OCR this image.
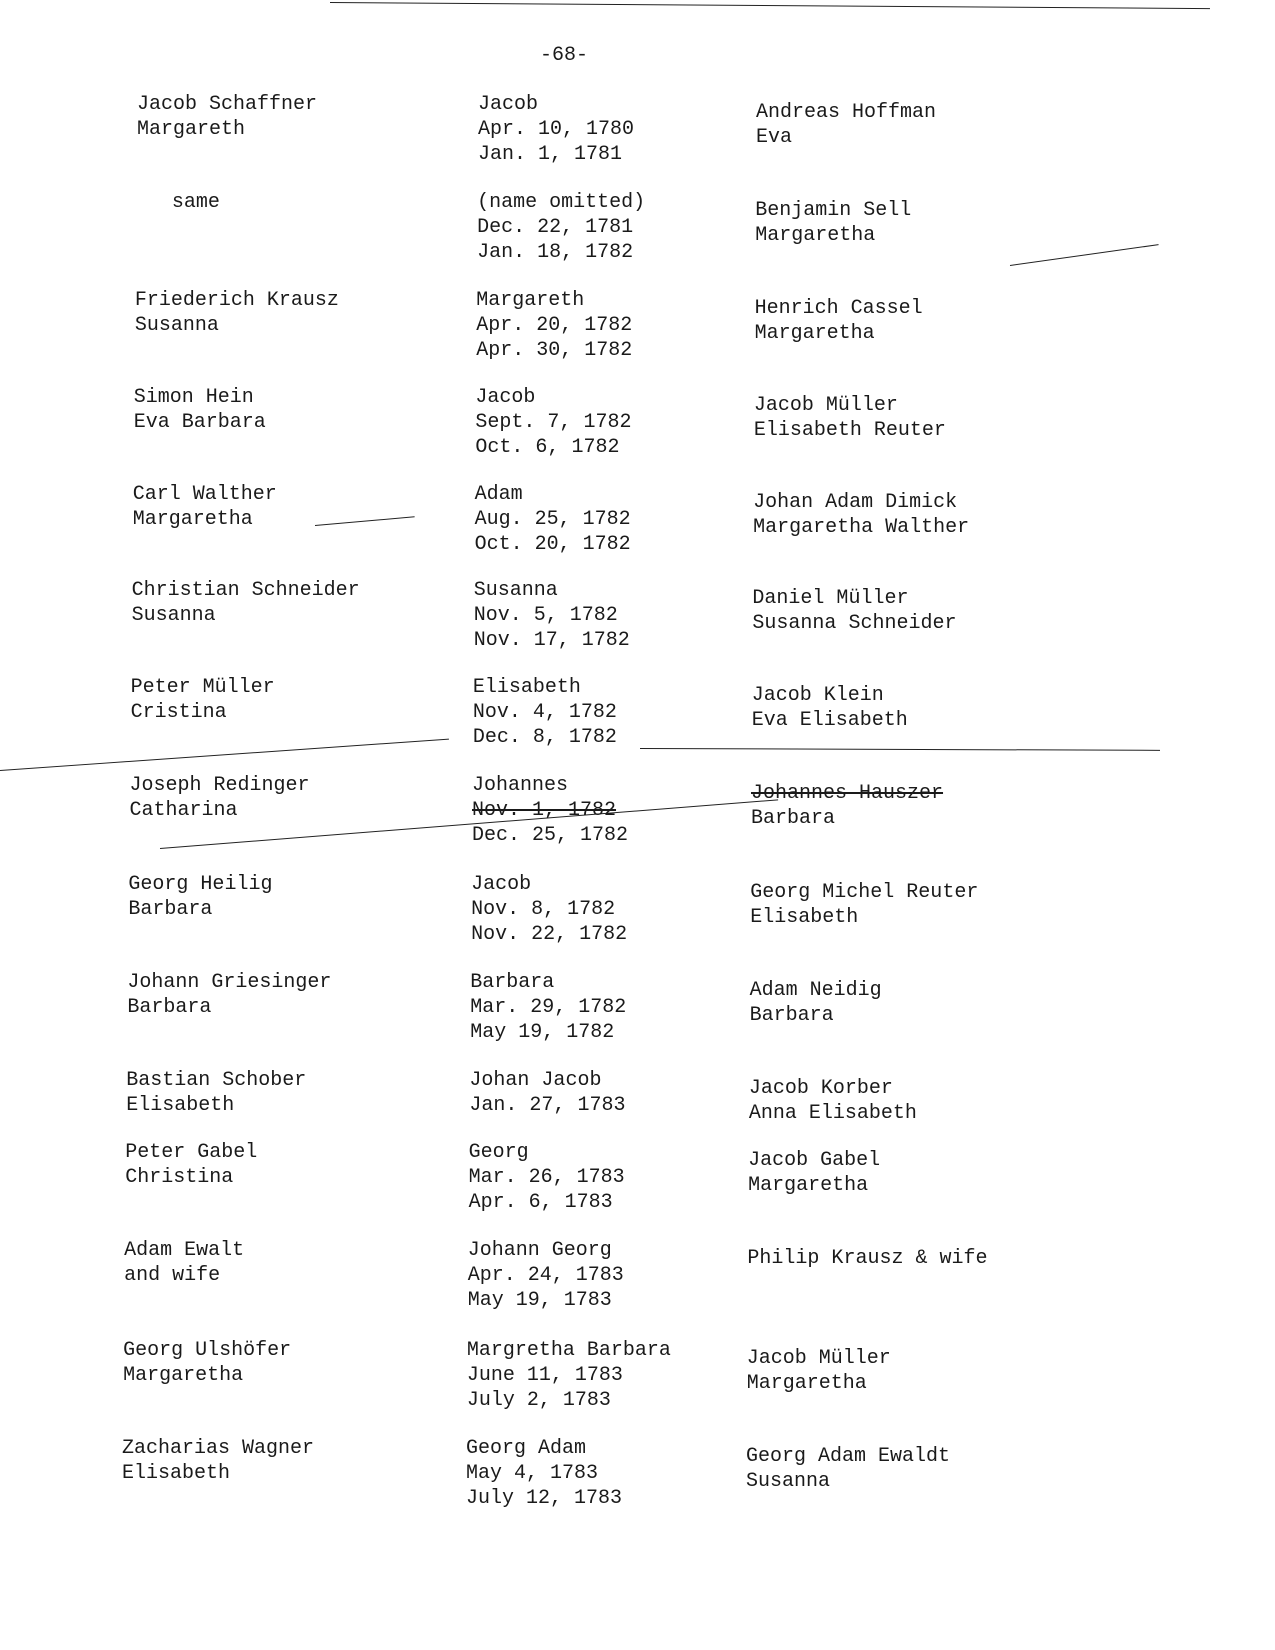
-68-
Jacob Schaffner
Margareth
Jacob
Apr. 10, 1780
Jan. 1, 1781
Andreas Hoffman
Eva
same	(name omitted)
Dec. 22, 1781
Jan. 18, 1782
Benjamin Sell
Margaretha
Friederich Krausz
Susanna
Margareth
Apr. 20, 1782
Apr. 30, 1782
Henrich Cassel
Margaretha
Simon Hein
Eva Barbara
Jacob
Sept. 7, 1782
Oct. 6, 1782
Jacob Müller
Elisabeth Reuter
Carl Walther
Margaretha
Adam
Aug. 25, 1782
Oct. 20, 1782
Johan Adam Dimick
Margaretha Walther
Christian Schneider
Susanna
Susanna
Nov. 5, 1782
Nov. 17, 1782
Daniel Müller
Susanna Schneider
Peter Müller
Cristina
Elisabeth
Nov. 4, 1782
Dec. 8, 1782
Jacob Klein
Eva Elisabeth
Joseph Redinger
Catharina
Johannes
Nov. 1, 1782
Dec. 25, 1782
Johannes Hauszer
Barbara
Georg Heilig
Barbara
Jacob
Nov. 8, 1782
Nov. 22, 1782
Georg Michel Reuter
Elisabeth
Johann Griesinger
Barbara
Barbara
Mar. 29, 1782
May 19, 1782
Adam Neidig
Barbara
Bastian Schober
Elisabeth
Johan Jacob
Jan. 27, 1783
Jacob Korber
Anna Elisabeth
Peter Gabel
Christina
Georg
Mar. 26, 1783
Apr. 6, 1783
Jacob Gabel
Margaretha
Adam Ewalt
and wife
Johann Georg
Apr. 24, 1783
May 19, 1783
Philip Krausz & wife
Georg Ulshöfer
Margaretha
Margretha Barbara
June 11, 1783
July 2, 1783
Jacob Müller
Margaretha
Zacharias Wagner
Elisabeth
Georg Adam
May 4, 1783
July 12, 1783
Georg Adam Ewaldt
Susanna
